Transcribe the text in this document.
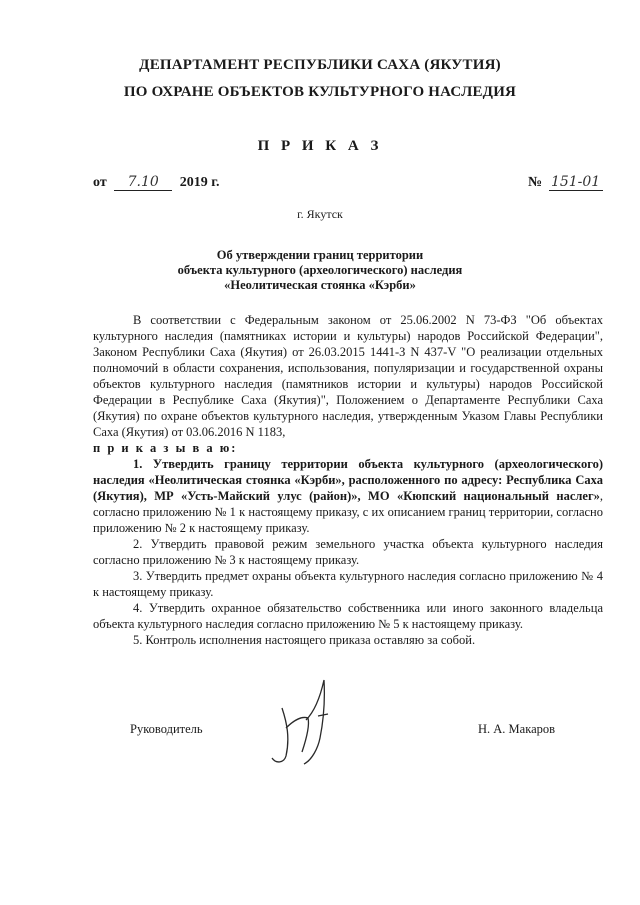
ДЕПАРТАМЕНТ РЕСПУБЛИКИ САХА (ЯКУТИЯ)
ПО ОХРАНЕ ОБЪЕКТОВ КУЛЬТУРНОГО НАСЛЕДИЯ
П Р И К А З
от 7.10 2019 г.	№ 151-01
г. Якутск
Об утверждении границ территории
объекта культурного (археологического) наследия
«Неолитическая стоянка «Кэрби»

В соответствии с Федеральным законом от 25.06.2002 N 73-ФЗ "Об объектах культурного наследия (памятниках истории и культуры) народов Российской Федерации", Законом Республики Саха (Якутия) от 26.03.2015 1441-З N 437-V "О реализации отдельных полномочий в области сохранения, использования, популяризации и государственной охраны объектов культурного наследия (памятников истории и культуры) народов Российской Федерации в Республике Саха (Якутия)", Положением о Департаменте Республики Саха (Якутия) по охране объектов культурного наследия, утвержденным Указом Главы Республики Саха (Якутия) от 03.06.2016 N 1183,

п р и к а з ы в а ю:

1. Утвердить границу территории объекта культурного (археологического) наследия «Неолитическая стоянка «Кэрби», расположенного по адресу: Республика Саха (Якутия), МР «Усть-Майский улус (район)», МО «Кюпский национальный наслег», согласно приложению № 1 к настоящему приказу, с их описанием границ территории, согласно приложению № 2 к настоящему приказу.

2. Утвердить правовой режим земельного участка объекта культурного наследия согласно приложению № 3 к настоящему приказу.

3. Утвердить предмет охраны объекта культурного наследия согласно приложению № 4 к настоящему приказу.

4. Утвердить охранное обязательство собственника или иного законного владельца объекта культурного наследия согласно приложению № 5 к настоящему приказу.

5. Контроль исполнения настоящего приказа оставляю за собой.

Руководитель	Н. А. Макаров
